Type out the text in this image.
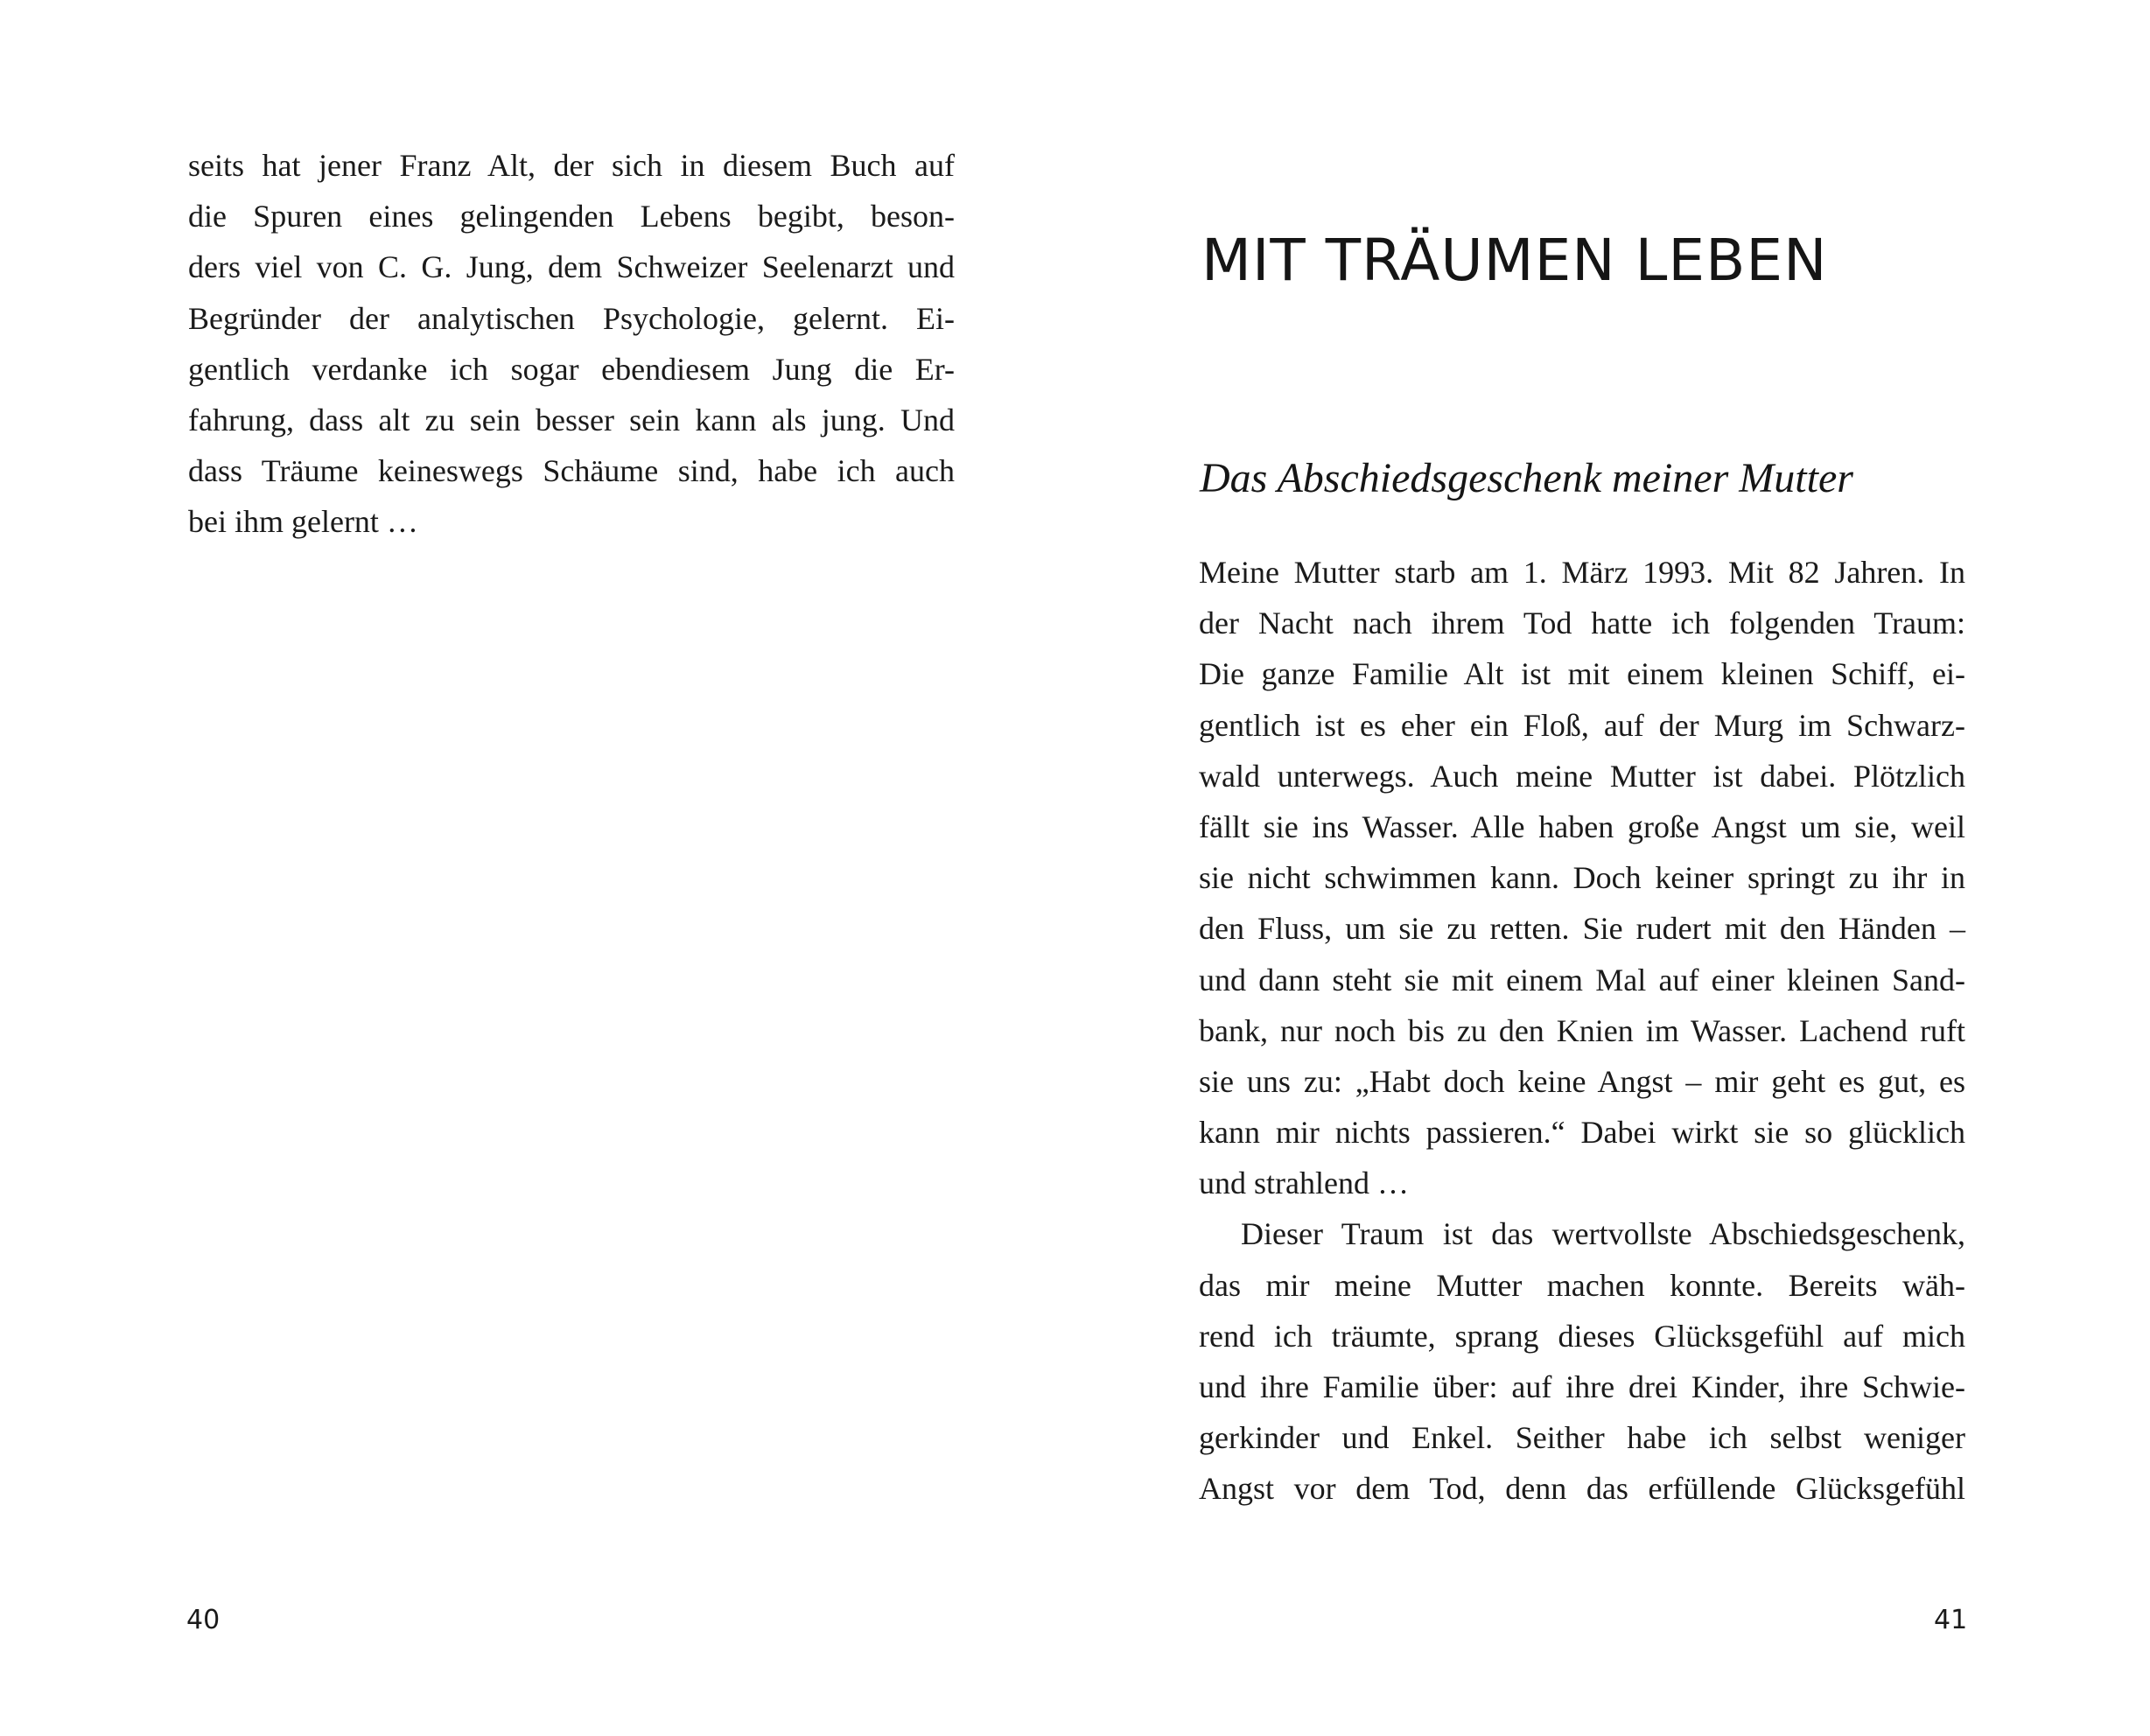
seits hat jener Franz Alt, der sich in diesem Buch auf
die Spuren eines gelingenden Lebens begibt, beson-
ders viel von C. G. Jung, dem Schweizer Seelenarzt und
Begründer der analytischen Psychologie, gelernt. Ei-
gentlich verdanke ich sogar ebendiesem Jung die Er-
fahrung, dass alt zu sein besser sein kann als jung. Und
dass Träume keineswegs Schäume sind, habe ich auch
bei ihm gelernt …
40
MIT TRÄUMEN LEBEN
Das Abschiedsgeschenk meiner Mutter
Meine Mutter starb am 1. März 1993. Mit 82 Jahren. In
der Nacht nach ihrem Tod hatte ich folgenden Traum:
Die ganze Familie Alt ist mit einem kleinen Schiff, ei-
gentlich ist es eher ein Floß, auf der Murg im Schwarz-
wald unterwegs. Auch meine Mutter ist dabei. Plötzlich
fällt sie ins Wasser. Alle haben große Angst um sie, weil
sie nicht schwimmen kann. Doch keiner springt zu ihr in
den Fluss, um sie zu retten. Sie rudert mit den Händen –
und dann steht sie mit einem Mal auf einer kleinen Sand-
bank, nur noch bis zu den Knien im Wasser. Lachend ruft
sie uns zu: „Habt doch keine Angst – mir geht es gut, es
kann mir nichts passieren.“ Dabei wirkt sie so glücklich
und strahlend …
Dieser Traum ist das wertvollste Abschiedsgeschenk,
das mir meine Mutter machen konnte. Bereits wäh-
rend ich träumte, sprang dieses Glücksgefühl auf mich
und ihre Familie über: auf ihre drei Kinder, ihre Schwie-
gerkinder und Enkel. Seither habe ich selbst weniger
Angst vor dem Tod, denn das erfüllende Glücksgefühl
41
